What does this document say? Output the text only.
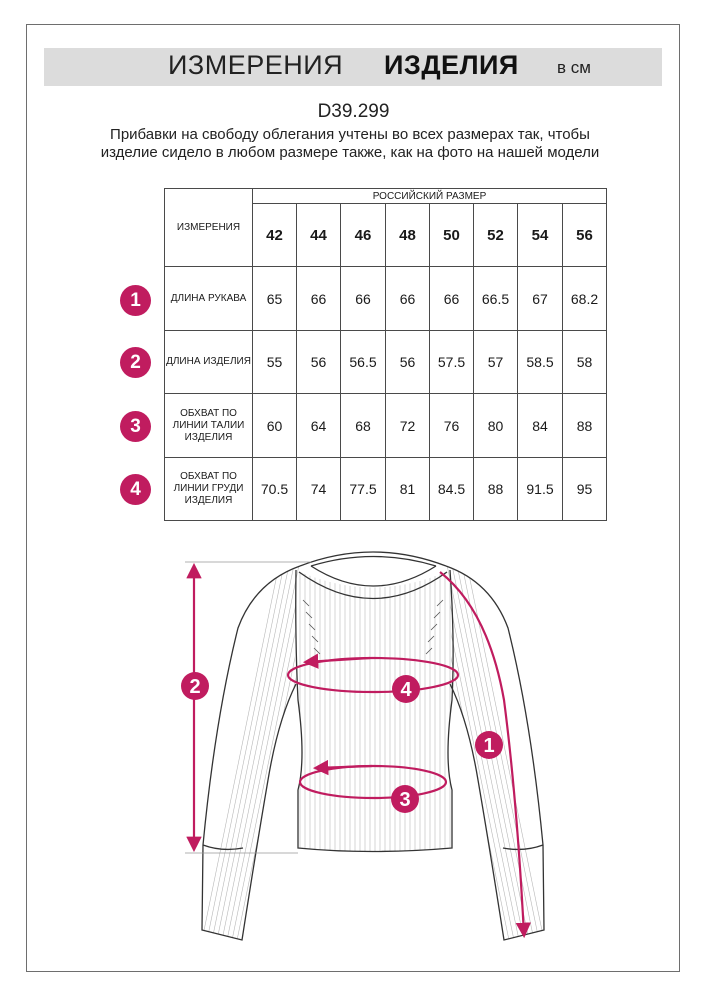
ИЗМЕРЕНИЯ ИЗДЕЛИЯ в см
D39.299
Прибавки на свободу облегания учтены во всех размерах так, чтобы изделие сидело в любом размере также, как на фото на нашей модели
ИЗМЕРЕНИЯ	РОССИЙСКИЙ РАЗМЕР							
	42	44	46	48	50	52	54	56
ДЛИНА РУКАВА	65	66	66	66	66	66.5	67	68.2
ДЛИНА ИЗДЕЛИЯ	55	56	56.5	56	57.5	57	58.5	58
ОБХВАТ ПО ЛИНИИ ТАЛИИ ИЗДЕЛИЯ	60	64	68	72	76	80	84	88
ОБХВАТ ПО ЛИНИИ ГРУДИ ИЗДЕЛИЯ	70.5	74	77.5	81	84.5	88	91.5	95
1
2
3
4
2	4
3
1
